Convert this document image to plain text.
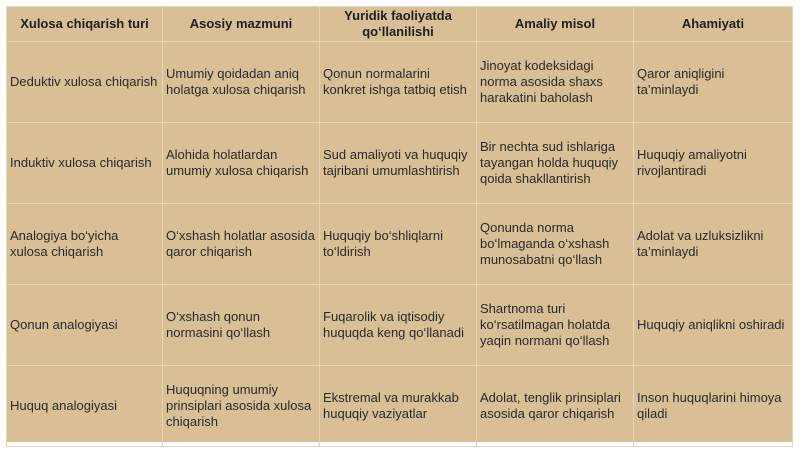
Xulosa chiqarish turi	Asosiy mazmuni	Yuridik faoliyatda qo‘llanilishi	Amaliy misol	Ahamiyati
Deduktiv xulosa chiqarish	Umumiy qoidadan aniq holatga xulosa chiqarish	Qonun normalarini konkret ishga tatbiq etish	Jinoyat kodeksidagi norma asosida shaxs harakatini baholash	Qaror aniqligini ta’minlaydi
Induktiv xulosa chiqarish	Alohida holatlardan umumiy xulosa chiqarish	Sud amaliyoti va huquqiy tajribani umumlashtirish	Bir nechta sud ishlariga tayangan holda huquqiy qoida shakllantirish	Huquqiy amaliyotni rivojlantiradi
Analogiya bo‘yicha xulosa chiqarish	O‘xshash holatlar asosida qaror chiqarish	Huquqiy bo‘shliqlarni to‘ldirish	Qonunda norma bo‘lmaganda o‘xshash munosabatni qo‘llash	Adolat va uzluksizlikni ta’minlaydi
Qonun analogiyasi	O‘xshash qonun normasini qo‘llash	Fuqarolik va iqtisodiy huquqda keng qo‘llanadi	Shartnoma turi ko‘rsatilmagan holatda yaqin normani qo‘llash	Huquqiy aniqlikni oshiradi
Huquq analogiyasi	Huquqning umumiy prinsiplari asosida xulosa chiqarish	Ekstremal va murakkab huquqiy vaziyatlar	Adolat, tenglik prinsiplari asosida qaror chiqarish	Inson huquqlarini himoya qiladi
